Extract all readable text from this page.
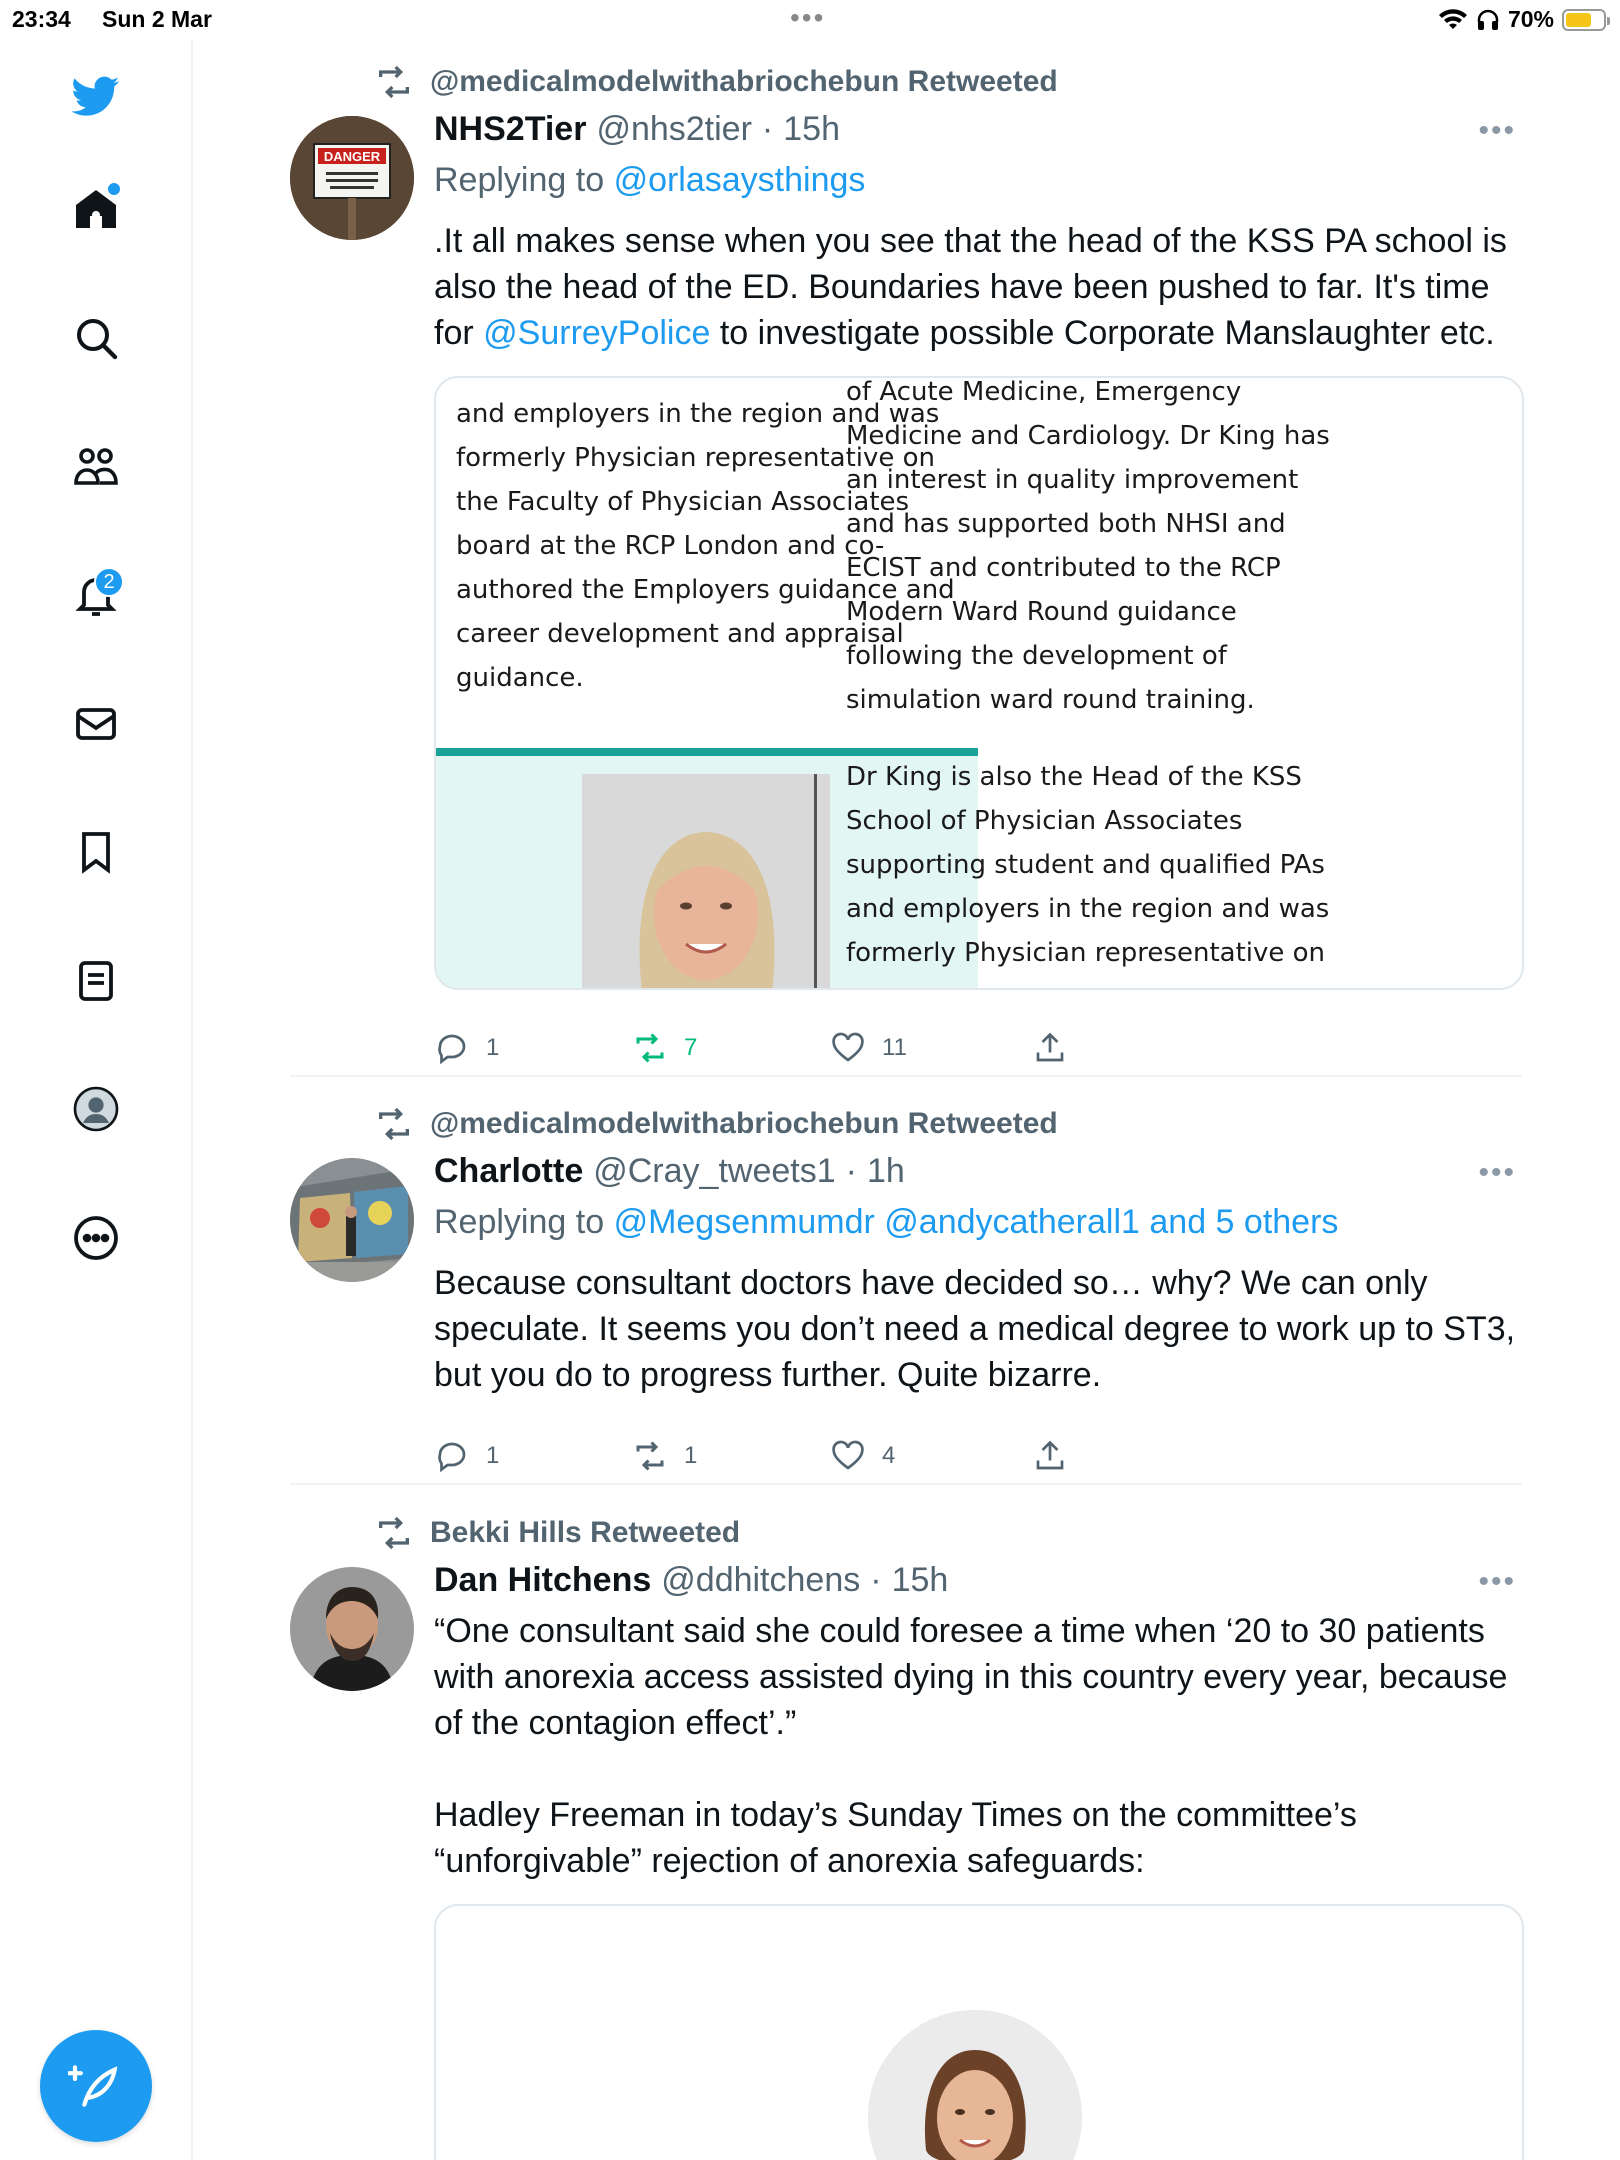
23:34 Sun 2 Mar	•••	70%
2
@medicalmodelwithabriochebun Retweeted
DANGER
NHS2Tier @nhs2tier · 15h	•••
Replying to @orlasaysthings
.It all makes sense when you see that the head of the KSS PA school is also the head of the ED. Boundaries have been pushed to far. It's time for @SurreyPolice to investigate possible Corporate Manslaughter etc.
and employers in the region and was
formerly Physician representative on
the Faculty of Physician Associates
board at the RCP London and co-
authored the Employers guidance and
career development and appraisal
guidance.
of Acute Medicine, Emergency
Medicine and Cardiology. Dr King has
an interest in quality improvement
and has supported both NHSI and
ECIST and contributed to the RCP
Modern Ward Round guidance
following the development of
simulation ward round training.
Dr King is also the Head of the KSS
School of Physician Associates
supporting student and qualified PAs
and employers in the region and was
formerly Physician representative on
1	7	11
@medicalmodelwithabriochebun Retweeted
Charlotte @Cray_tweets1 · 1h	•••
Replying to @Megsenmumdr @andycatherall1 and 5 others
Because consultant doctors have decided so… why? We can only speculate. It seems you don’t need a medical degree to work up to ST3, but you do to progress further. Quite bizarre.
1	1	4
Bekki Hills Retweeted
Dan Hitchens @ddhitchens · 15h	•••
“One consultant said she could foresee a time when ‘20 to 30 patients with anorexia access assisted dying in this country every year, because of the contagion effect’.”
Hadley Freeman in today’s Sunday Times on the committee’s “unforgivable” rejection of anorexia safeguards:
